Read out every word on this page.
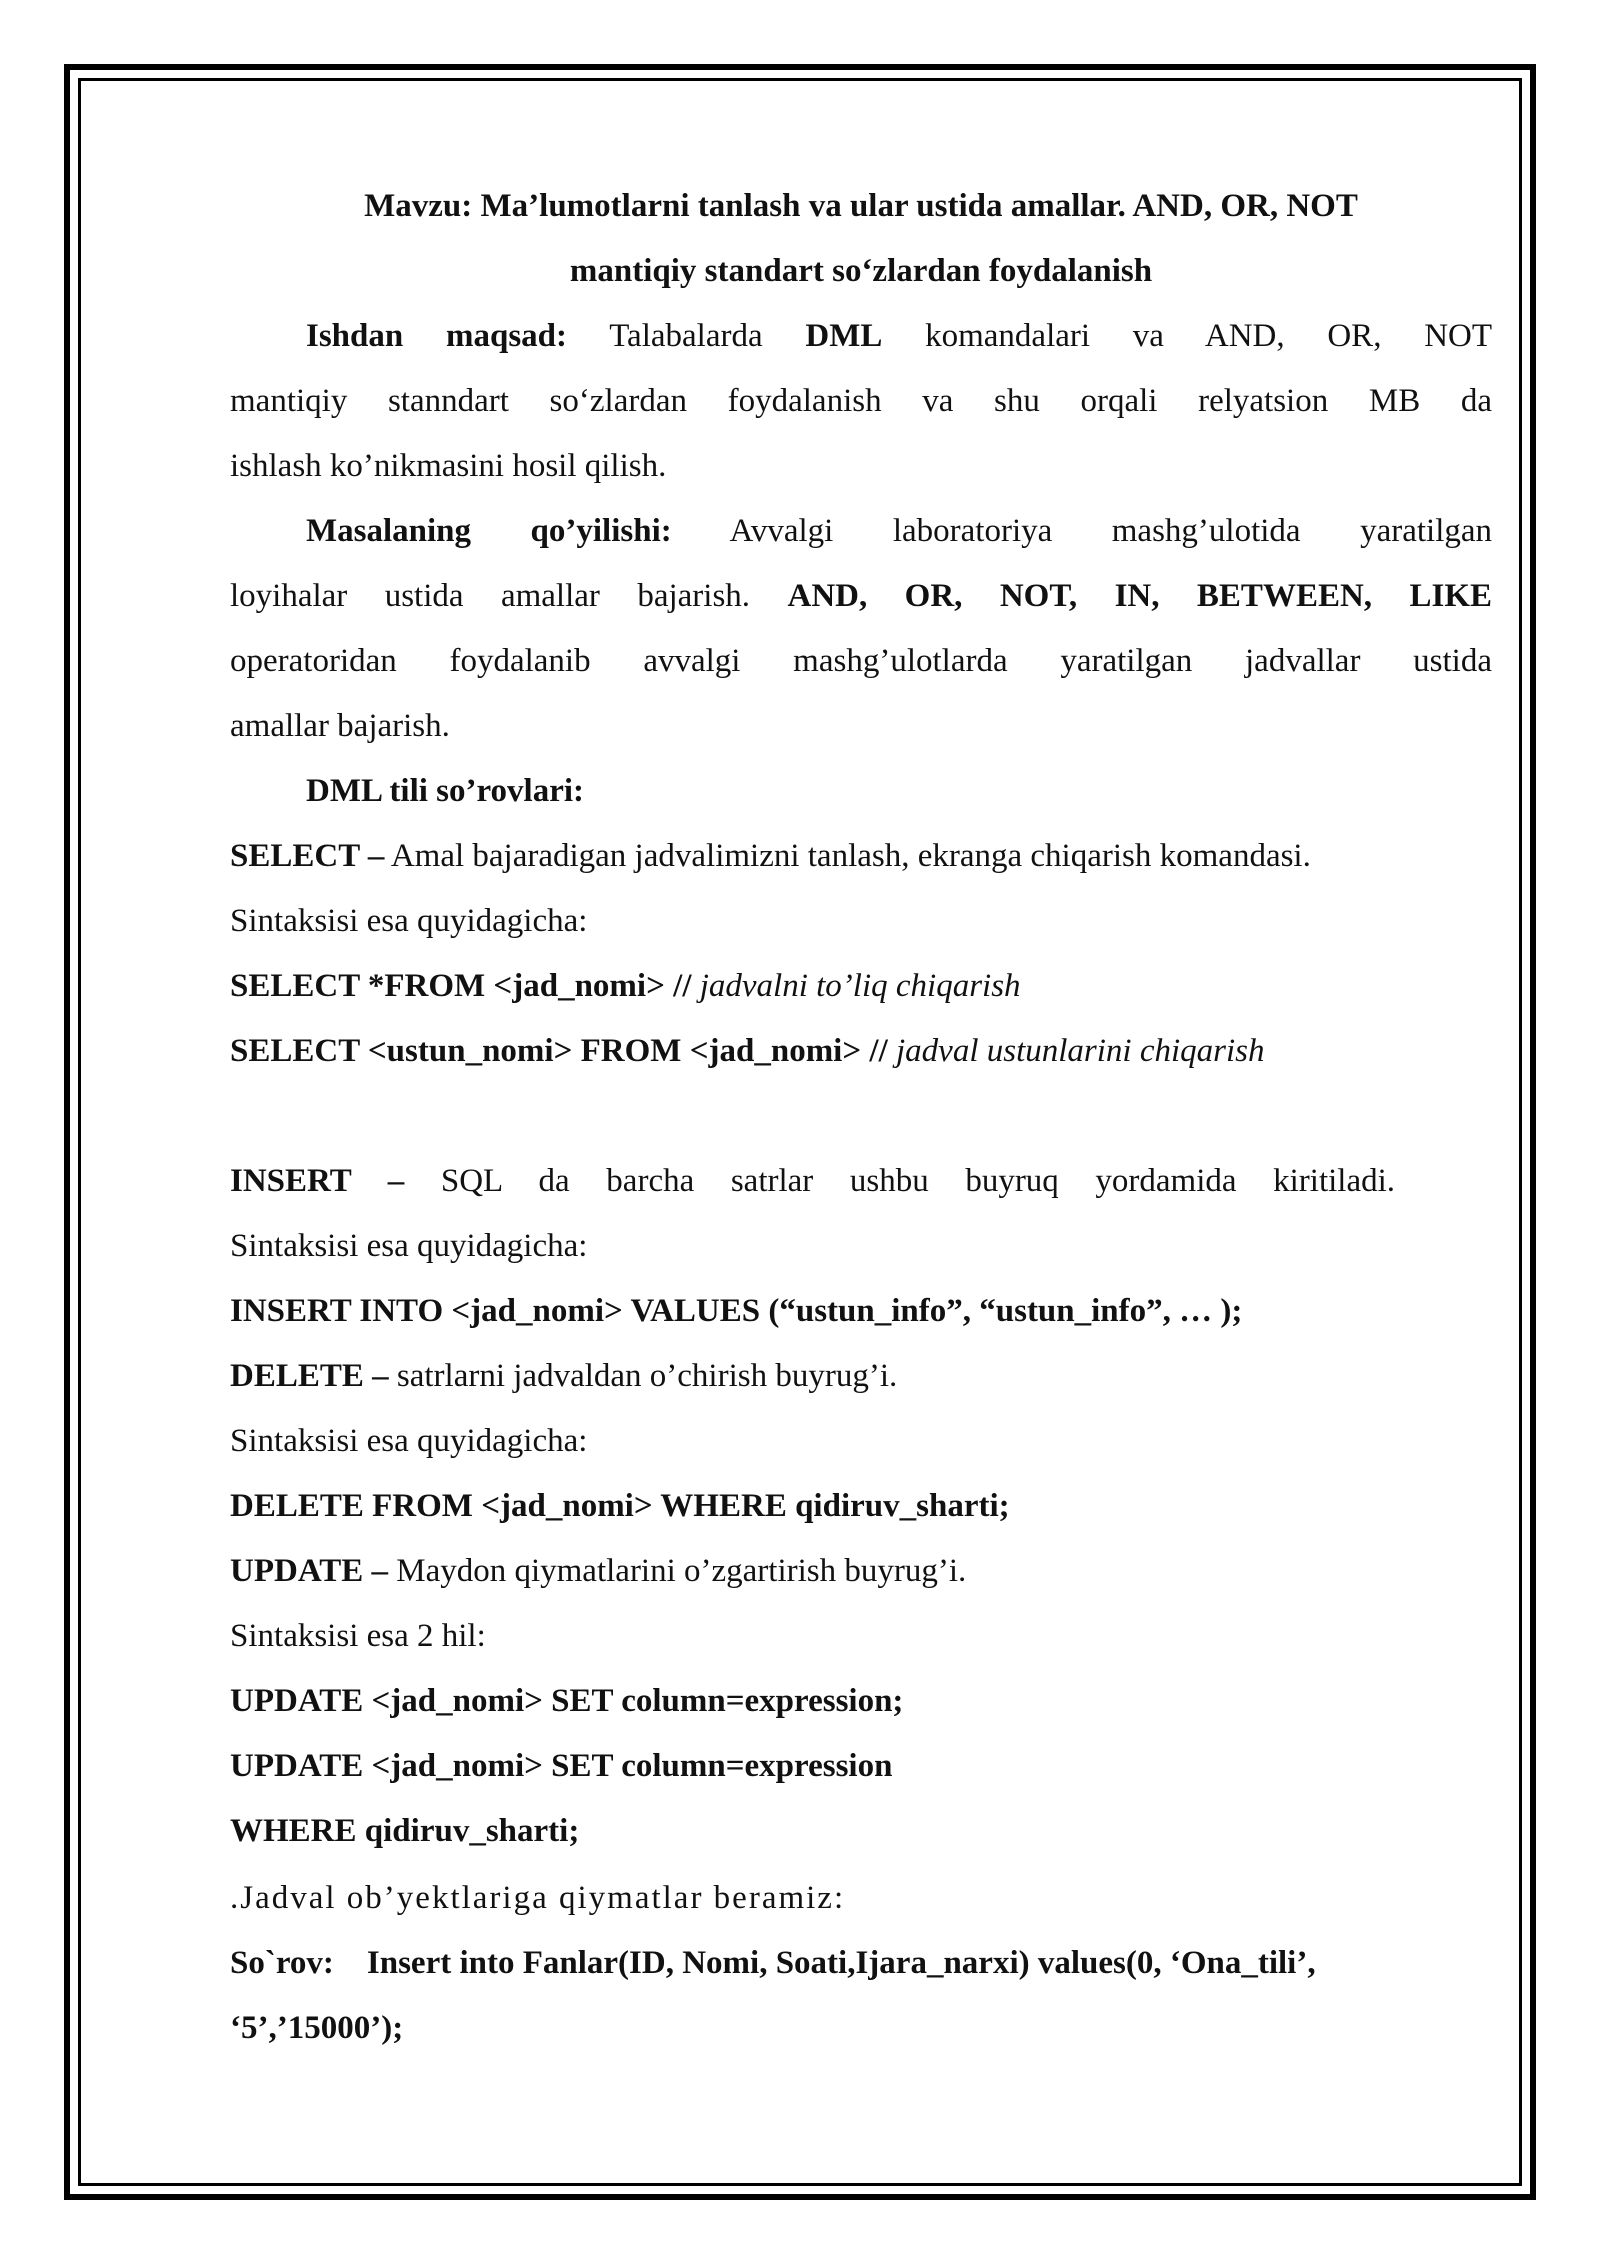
Mavzu: Ma’lumotlarni tanlash va ular ustida amallar. AND, OR, NOT
mantiqiy standart so‘zlardan foydalanish
Ishdan maqsad: Talabalarda DML komandalari va AND, OR, NOT
mantiqiy stanndart so‘zlardan foydalanish va shu orqali relyatsion MB da
ishlash ko’nikmasini hosil qilish.
Masalaning qo’yilishi: Avvalgi laboratoriya mashg’ulotida yaratilgan
loyihalar ustida amallar bajarish. AND, OR, NOT, IN, BETWEEN, LIKE
operatoridan foydalanib avvalgi mashg’ulotlarda yaratilgan jadvallar ustida
amallar bajarish.
DML tili so’rovlari:
SELECT – Amal bajaradigan jadvalimizni tanlash, ekranga chiqarish komandasi.
Sintaksisi esa quyidagicha:
SELECT *FROM <jad_nomi> // jadvalni to’liq chiqarish
SELECT <ustun_nomi> FROM <jad_nomi> // jadval ustunlarini chiqarish
INSERT – SQL da barcha satrlar ushbu buyruq yordamida kiritiladi.
Sintaksisi esa quyidagicha:
INSERT INTO <jad_nomi> VALUES (“ustun_info”, “ustun_info”, … );
DELETE – satrlarni jadvaldan o’chirish buyrug’i.
Sintaksisi esa quyidagicha:
DELETE FROM <jad_nomi> WHERE qidiruv_sharti;
UPDATE – Maydon qiymatlarini o’zgartirish buyrug’i.
Sintaksisi esa 2 hil:
UPDATE <jad_nomi> SET column=expression;
UPDATE <jad_nomi> SET column=expression
WHERE qidiruv_sharti;
.Jadval ob’yektlariga qiymatlar beramiz:
So`rov: Insert into Fanlar(ID, Nomi, Soati,Ijara_narxi) values(0, ‘Ona_tili’,
‘5’,’15000’);
